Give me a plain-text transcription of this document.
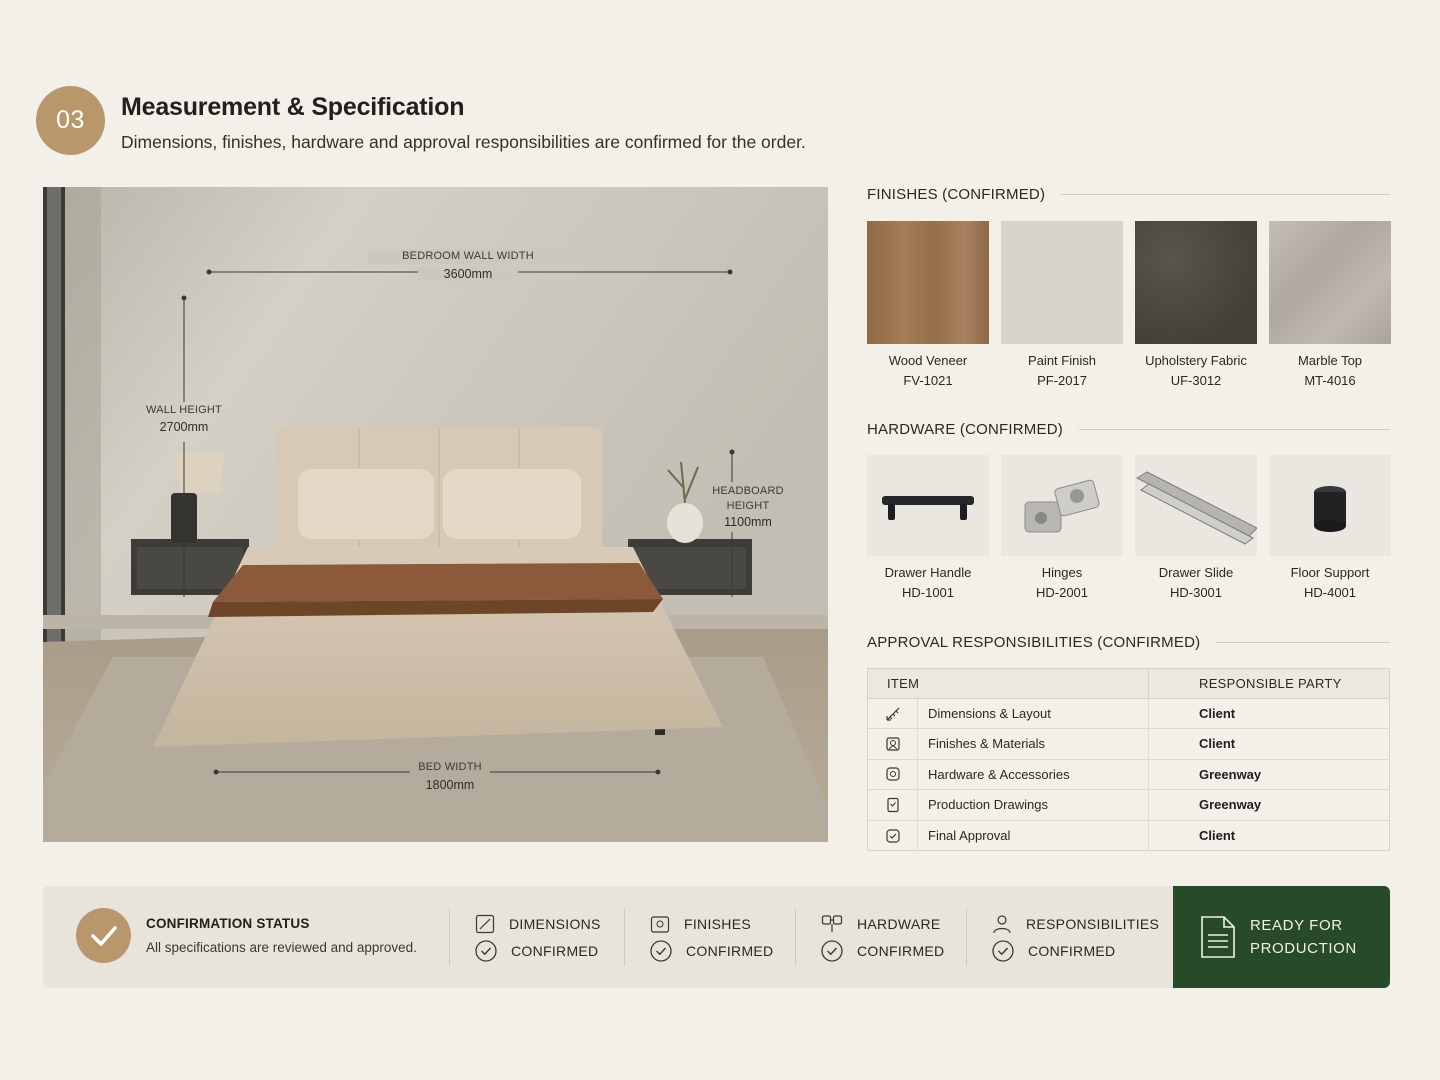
03	Measurement & Specification

Dimensions, finishes, hardware and approval responsibilities are confirmed for the order.

BEDROOM WALL WIDTH
3600mm
WALL HEIGHT
2700mm
HEADBOARD HEIGHT
1100mm
BED WIDTH
1800mm
FINISHES (CONFIRMED)
Wood Veneer
FV-1021
Paint Finish
PF-2017
Upholstery Fabric
UF-3012
Marble Top
MT-4016
HARDWARE (CONFIRMED)
Drawer Handle
HD-1001
Hinges
HD-2001
Drawer Slide
HD-3001
Floor Support
HD-4001
APPROVAL RESPONSIBILITIES (CONFIRMED)
ITEM	RESPONSIBLE PARTY
Dimensions & Layout	Client
Finishes & Materials	Client
Hardware & Accessories	Greenway
Production Drawings	Greenway
Final Approval	Client
CONFIRMATION STATUS
All specifications are reviewed and approved.
DIMENSIONS
CONFIRMED
FINISHES
CONFIRMED
HARDWARE
CONFIRMED
RESPONSIBILITIES
CONFIRMED
READY FOR
PRODUCTION
